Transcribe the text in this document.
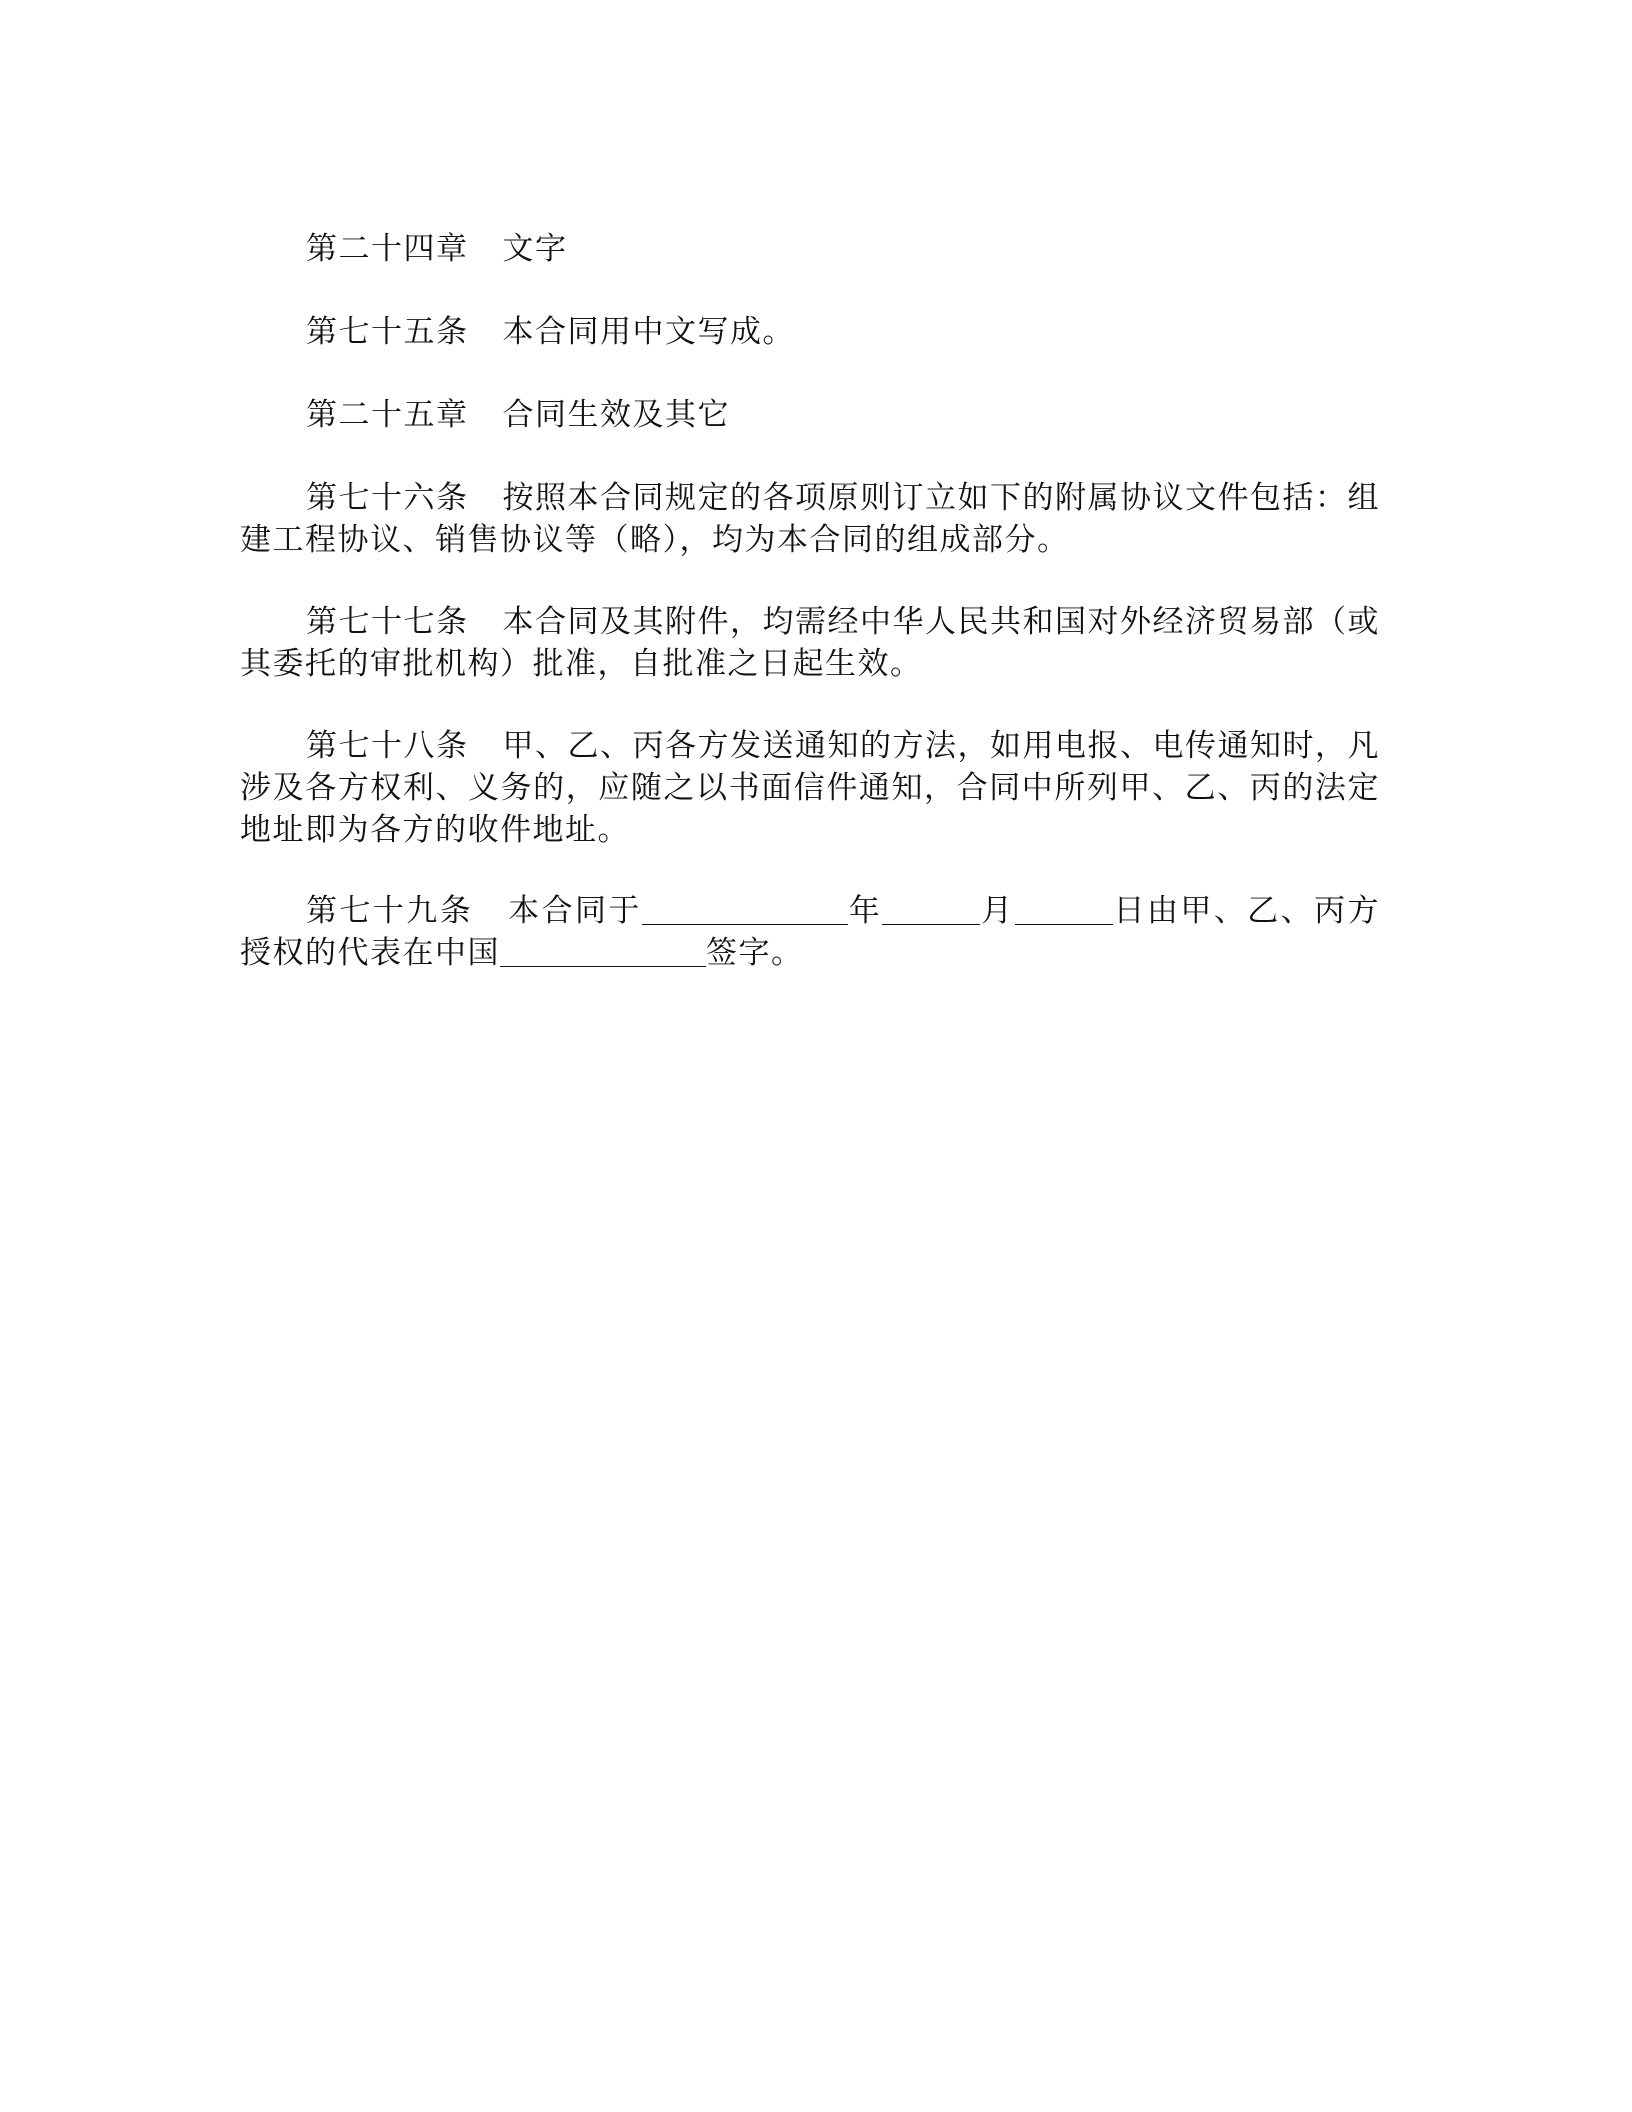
第二十四章 文字

第七十五条 本合同用中文写成。

第二十五章 合同生效及其它

第七十六条 按照本合同规定的各项原则订立如下的附属协议文件包括：组建工程协议、销售协议等（略），均为本合同的组成部分。

第七十七条 本合同及其附件，均需经中华人民共和国对外经济贸易部（或其委托的审批机构）批准，自批准之日起生效。

第七十八条 甲、乙、丙各方发送通知的方法，如用电报、电传通知时，凡涉及各方权利、义务的，应随之以书面信件通知，合同中所列甲、乙、丙的法定地址即为各方的收件地址。

第七十九条 本合同于	年	月	日由甲、乙、丙方授权的代表在中国	签字。
